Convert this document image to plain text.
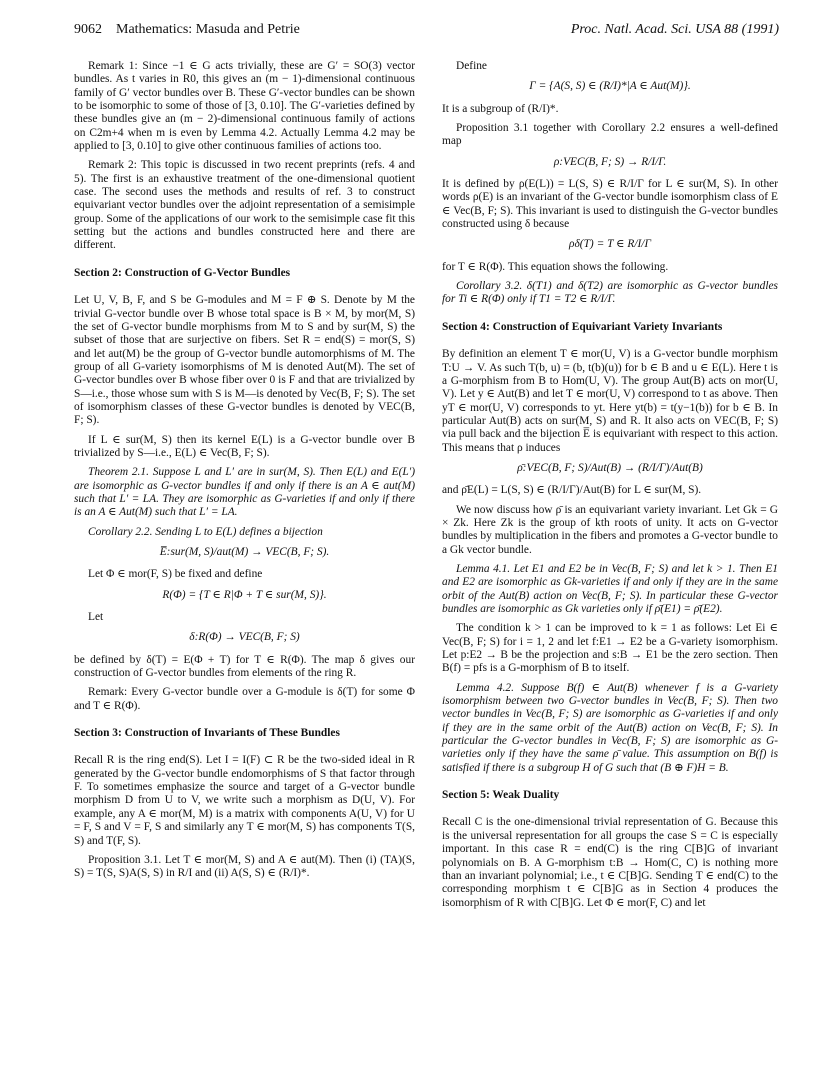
9062 Mathematics: Masuda and Petrie	Proc. Natl. Acad. Sci. USA 88 (1991)

Remark 1: Since −1 ∈ G acts trivially, these are G′ = SO(3) vector bundles. As t varies in R0, this gives an (m − 1)-dimensional continuous family of G′ vector bundles over B. These G′-vector bundles can be shown to be isomorphic to some of those of [3, 0.10]. The G′-varieties defined by these bundles give an (m − 2)-dimensional continuous family of actions on C2m+4 when m is even by Lemma 4.2. Actually Lemma 4.2 may be applied to [3, 0.10] to give other continuous families of actions too.

Remark 2: This topic is discussed in two recent preprints (refs. 4 and 5). The first is an exhaustive treatment of the one-dimensional quotient case. The second uses the methods and results of ref. 3 to construct equivariant vector bundles over the adjoint representation of a semisimple group. Some of the applications of our work to the semisimple case fit this setting but the actions and bundles constructed here and there are different.

Section 2: Construction of G-Vector Bundles

Let U, V, B, F, and S be G-modules and M = F ⊕ S. Denote by M the trivial G-vector bundle over B whose total space is B × M, by mor(M, S) the set of G-vector bundle morphisms from M to S and by sur(M, S) the subset of those that are surjective on fibers. Set R = end(S) = mor(S, S) and let aut(M) be the group of G-vector bundle automorphisms of M. The group of all G-variety isomorphisms of M is denoted Aut(M). The set of G-vector bundles over B whose fiber over 0 is F and that are trivialized by S—i.e., those whose sum with S is M—is denoted by Vec(B, F; S). The set of isomorphism classes of these G-vector bundles is denoted by VEC(B, F; S).

If L ∈ sur(M, S) then its kernel E(L) is a G-vector bundle over B trivialized by S—i.e., E(L) ∈ Vec(B, F; S).

Theorem 2.1. Suppose L and L′ are in sur(M, S). Then E(L) and E(L′) are isomorphic as G-vector bundles if and only if there is an A ∈ aut(M) such that L′ = LA. They are isomorphic as G-varieties if and only if there is an A ∈ Aut(M) such that L′ = LA.

Corollary 2.2. Sending L to E(L) defines a bijection

E̅:sur(M, S)/aut(M) → VEC(B, F; S).

Let Φ ∈ mor(F, S) be fixed and define

R(Φ) = {T ∈ R|Φ + T ∈ sur(M, S)}.

Let

δ:R(Φ) → VEC(B, F; S)

be defined by δ(T) = E(Φ + T) for T ∈ R(Φ). The map δ gives our construction of G-vector bundles from elements of the ring R.

Remark: Every G-vector bundle over a G-module is δ(T) for some Φ and T ∈ R(Φ).

Section 3: Construction of Invariants of These Bundles

Recall R is the ring end(S). Let I = I(F) ⊂ R be the two-sided ideal in R generated by the G-vector bundle endomorphisms of S that factor through F. To sometimes emphasize the source and target of a G-vector bundle morphism D from U to V, we write such a morphism as D(U, V). For example, any A ∈ mor(M, M) is a matrix with components A(U, V) for U = F, S and V = F, S and similarly any T ∈ mor(M, S) has components T(S, S) and T(F, S).

Proposition 3.1. Let T ∈ mor(M, S) and A ∈ aut(M). Then (i) (TA)(S, S) = T(S, S)A(S, S) in R/I and (ii) A(S, S) ∈ (R/I)*.

Define

Γ = {A(S, S) ∈ (R/I)*|A ∈ Aut(M)}.

It is a subgroup of (R/I)*.

Proposition 3.1 together with Corollary 2.2 ensures a well-defined map

ρ:VEC(B, F; S) → R/I/Γ.

It is defined by ρ(E(L)) = L(S, S) ∈ R/I/Γ for L ∈ sur(M, S). In other words ρ(E) is an invariant of the G-vector bundle isomorphism class of E ∈ Vec(B, F; S). This invariant is used to distinguish the G-vector bundles constructed using δ because

ρδ(T) = T ∈ R/I/Γ

for T ∈ R(Φ). This equation shows the following.

Corollary 3.2. δ(T1) and δ(T2) are isomorphic as G-vector bundles for Ti ∈ R(Φ) only if T1 = T2 ∈ R/I/Γ.

Section 4: Construction of Equivariant Variety Invariants

By definition an element T ∈ mor(U, V) is a G-vector bundle morphism T:U → V. As such T(b, u) = (b, t(b)(u)) for b ∈ B and u ∈ E(L). Here t is a G-morphism from B to Hom(U, V). The group Aut(B) acts on mor(U, V). Let y ∈ Aut(B) and let T ∈ mor(U, V) correspond to t as above. Then yT ∈ mor(U, V) corresponds to yt. Here yt(b) = t(y−1(b)) for b ∈ B. In particular Aut(B) acts on sur(M, S) and R. It also acts on VEC(B, F; S) via pull back and the bijection E̅ is equivariant with respect to this action. This means that ρ induces

ρ̄:VEC(B, F; S)/Aut(B) → (R/I/Γ)/Aut(B)

and ρ̄E(L) = L(S, S) ∈ (R/I/Γ)/Aut(B) for L ∈ sur(M, S).

We now discuss how ρ̄ is an equivariant variety invariant. Let Gk = G × Zk. Here Zk is the group of kth roots of unity. It acts on G-vector bundles by multiplication in the fibers and promotes a G-vector bundle to a Gk vector bundle.

Lemma 4.1. Let E1 and E2 be in Vec(B, F; S) and let k > 1. Then E1 and E2 are isomorphic as Gk-varieties if and only if they are in the same orbit of the Aut(B) action on Vec(B, F; S). In particular these G-vector bundles are isomorphic as Gk varieties only if ρ̄(E1) = ρ̄(E2).

The condition k > 1 can be improved to k = 1 as follows: Let Ei ∈ Vec(B, F; S) for i = 1, 2 and let f:E1 → E2 be a G-variety isomorphism. Let p:E2 → B be the projection and s:B → E1 be the zero section. Then B(f) = pfs is a G-morphism of B to itself.

Lemma 4.2. Suppose B(f) ∈ Aut(B) whenever f is a G-variety isomorphism between two G-vector bundles in Vec(B, F; S). Then two vector bundles in Vec(B, F; S) are isomorphic as G-varieties if and only if they are in the same orbit of the Aut(B) action on Vec(B, F; S). In particular the G-vector bundles in Vec(B, F; S) are isomorphic as G-varieties only if they have the same ρ̄ value. This assumption on B(f) is satisfied if there is a subgroup H of G such that (B ⊕ F)H = B.

Section 5: Weak Duality

Recall C is the one-dimensional trivial representation of G. Because this is the universal representation for all groups the case S = C is especially important. In this case R = end(C) is the ring C[B]G of invariant polynomials on B. A G-morphism t:B → Hom(C, C) is nothing more than an invariant polynomial; i.e., t ∈ C[B]G. Sending T ∈ end(C) to the corresponding morphism t ∈ C[B]G as in Section 4 produces the isomorphism of R with C[B]G. Let Φ ∈ mor(F, C) and let
